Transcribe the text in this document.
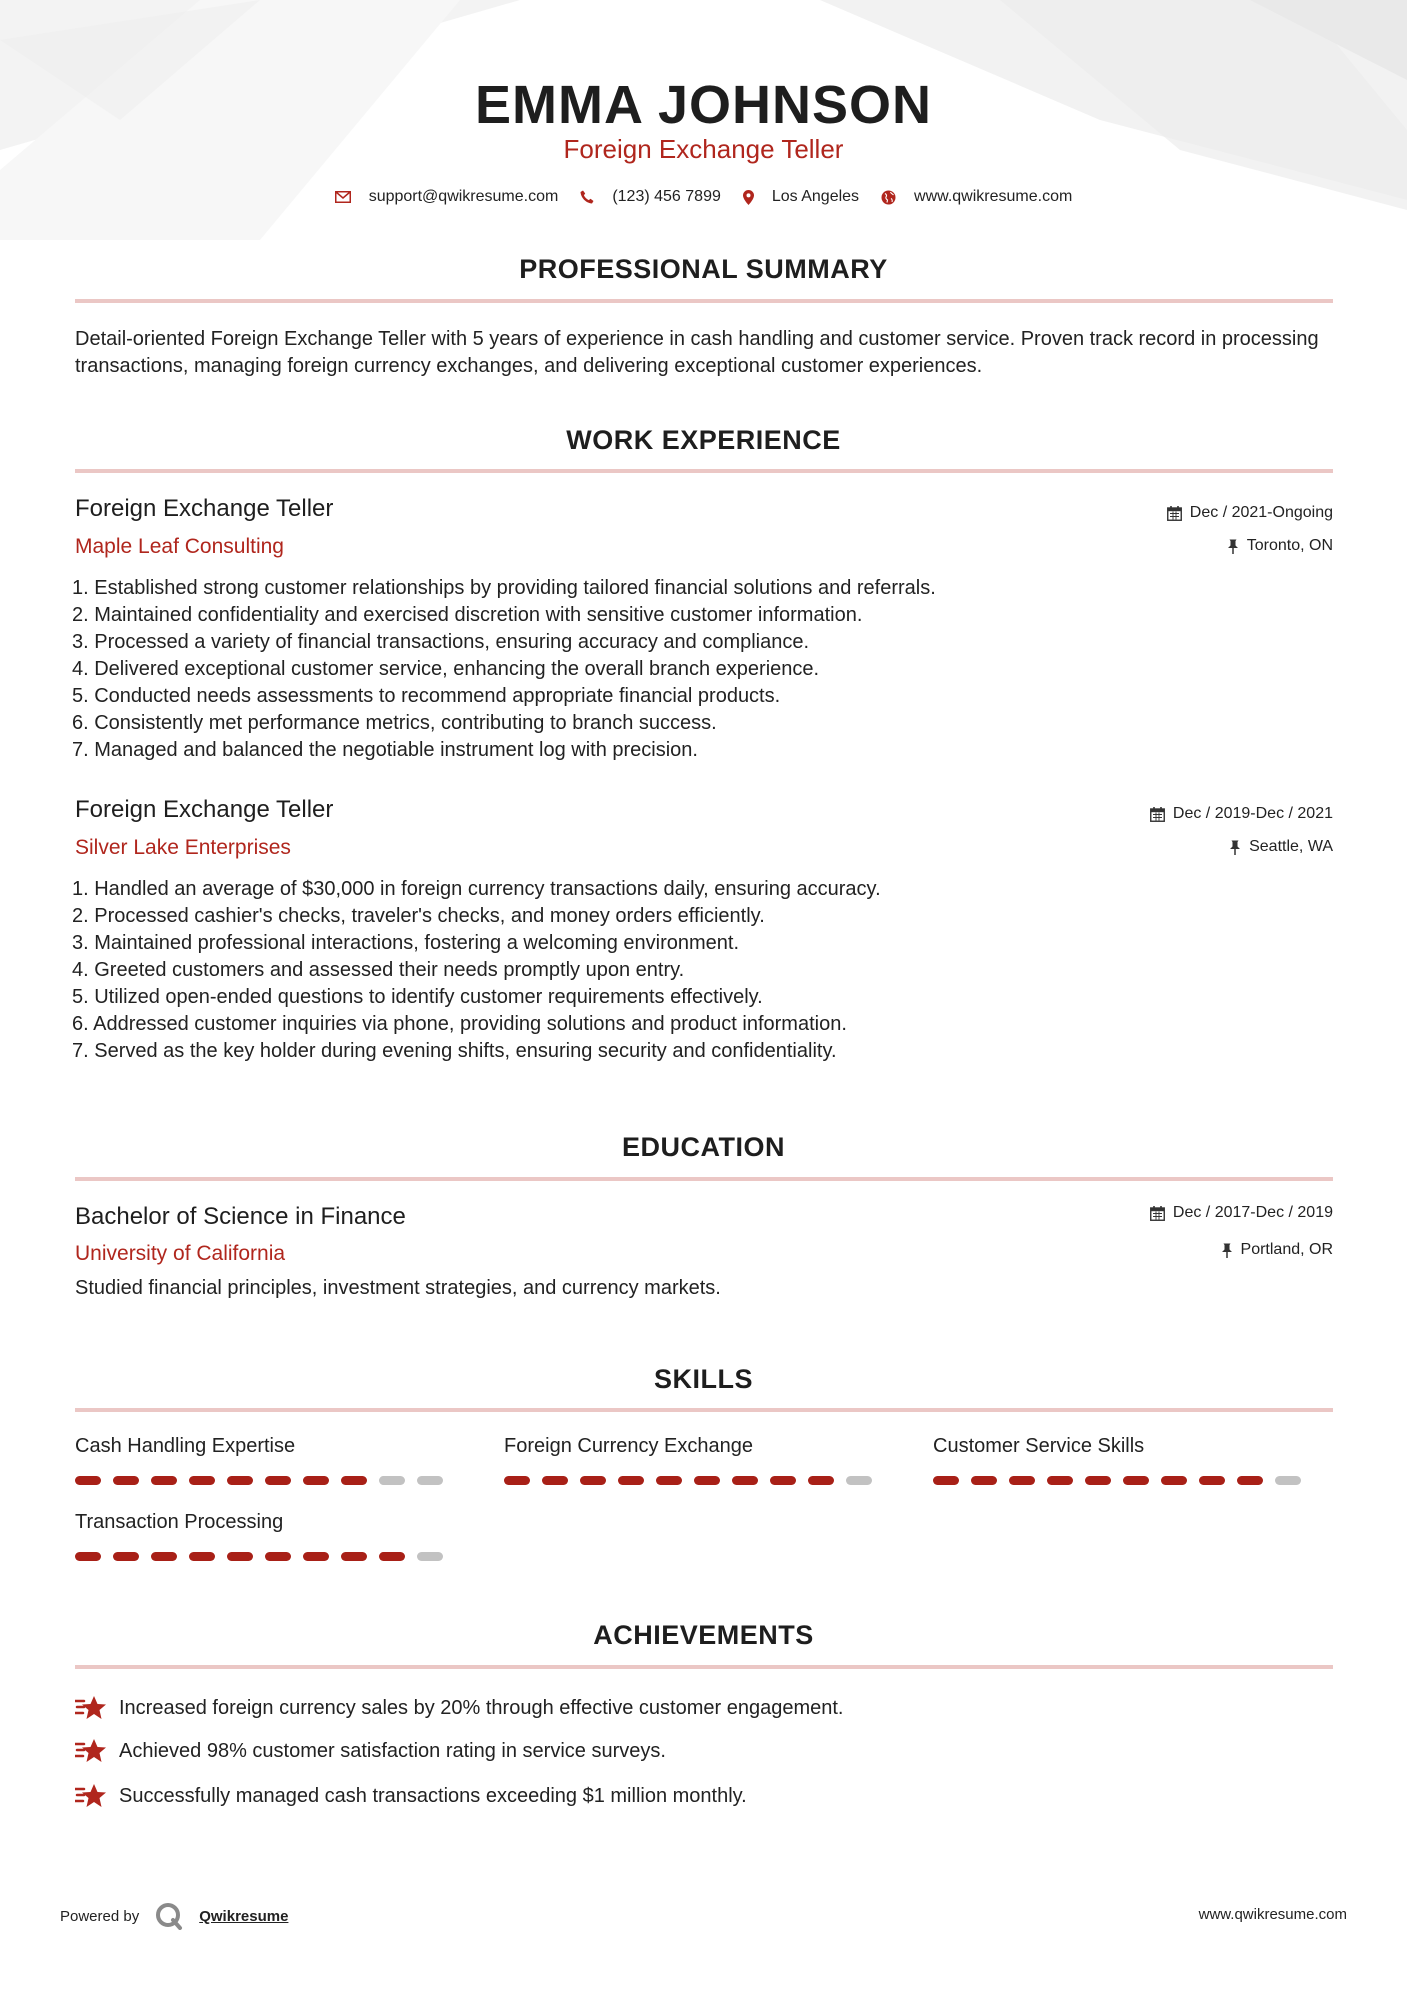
EMMA JOHNSON
Foreign Exchange Teller
support@qwikresume.com	(123) 456 7899	Los Angeles	www.qwikresume.com
PROFESSIONAL SUMMARY
Detail-oriented Foreign Exchange Teller with 5 years of experience in cash handling and customer service. Proven track record in processing transactions, managing foreign currency exchanges, and delivering exceptional customer experiences.
WORK EXPERIENCE
Foreign Exchange Teller
Maple Leaf Consulting
Dec / 2021-Ongoing
Toronto, ON
1. Established strong customer relationships by providing tailored financial solutions and referrals.
2. Maintained confidentiality and exercised discretion with sensitive customer information.
3. Processed a variety of financial transactions, ensuring accuracy and compliance.
4. Delivered exceptional customer service, enhancing the overall branch experience.
5. Conducted needs assessments to recommend appropriate financial products.
6. Consistently met performance metrics, contributing to branch success.
7. Managed and balanced the negotiable instrument log with precision.
Foreign Exchange Teller
Silver Lake Enterprises
Dec / 2019-Dec / 2021
Seattle, WA
1. Handled an average of $30,000 in foreign currency transactions daily, ensuring accuracy.
2. Processed cashier's checks, traveler's checks, and money orders efficiently.
3. Maintained professional interactions, fostering a welcoming environment.
4. Greeted customers and assessed their needs promptly upon entry.
5. Utilized open-ended questions to identify customer requirements effectively.
6. Addressed customer inquiries via phone, providing solutions and product information.
7. Served as the key holder during evening shifts, ensuring security and confidentiality.
EDUCATION
Bachelor of Science in Finance
University of California
Dec / 2017-Dec / 2019
Portland, OR
Studied financial principles, investment strategies, and currency markets.
SKILLS
Cash Handling Expertise	Foreign Currency Exchange	Customer Service Skills
Transaction Processing
ACHIEVEMENTS
Increased foreign currency sales by 20% through effective customer engagement.
Achieved 98% customer satisfaction rating in service surveys.
Successfully managed cash transactions exceeding $1 million monthly.
Powered by	Qwikresume	www.qwikresume.com
